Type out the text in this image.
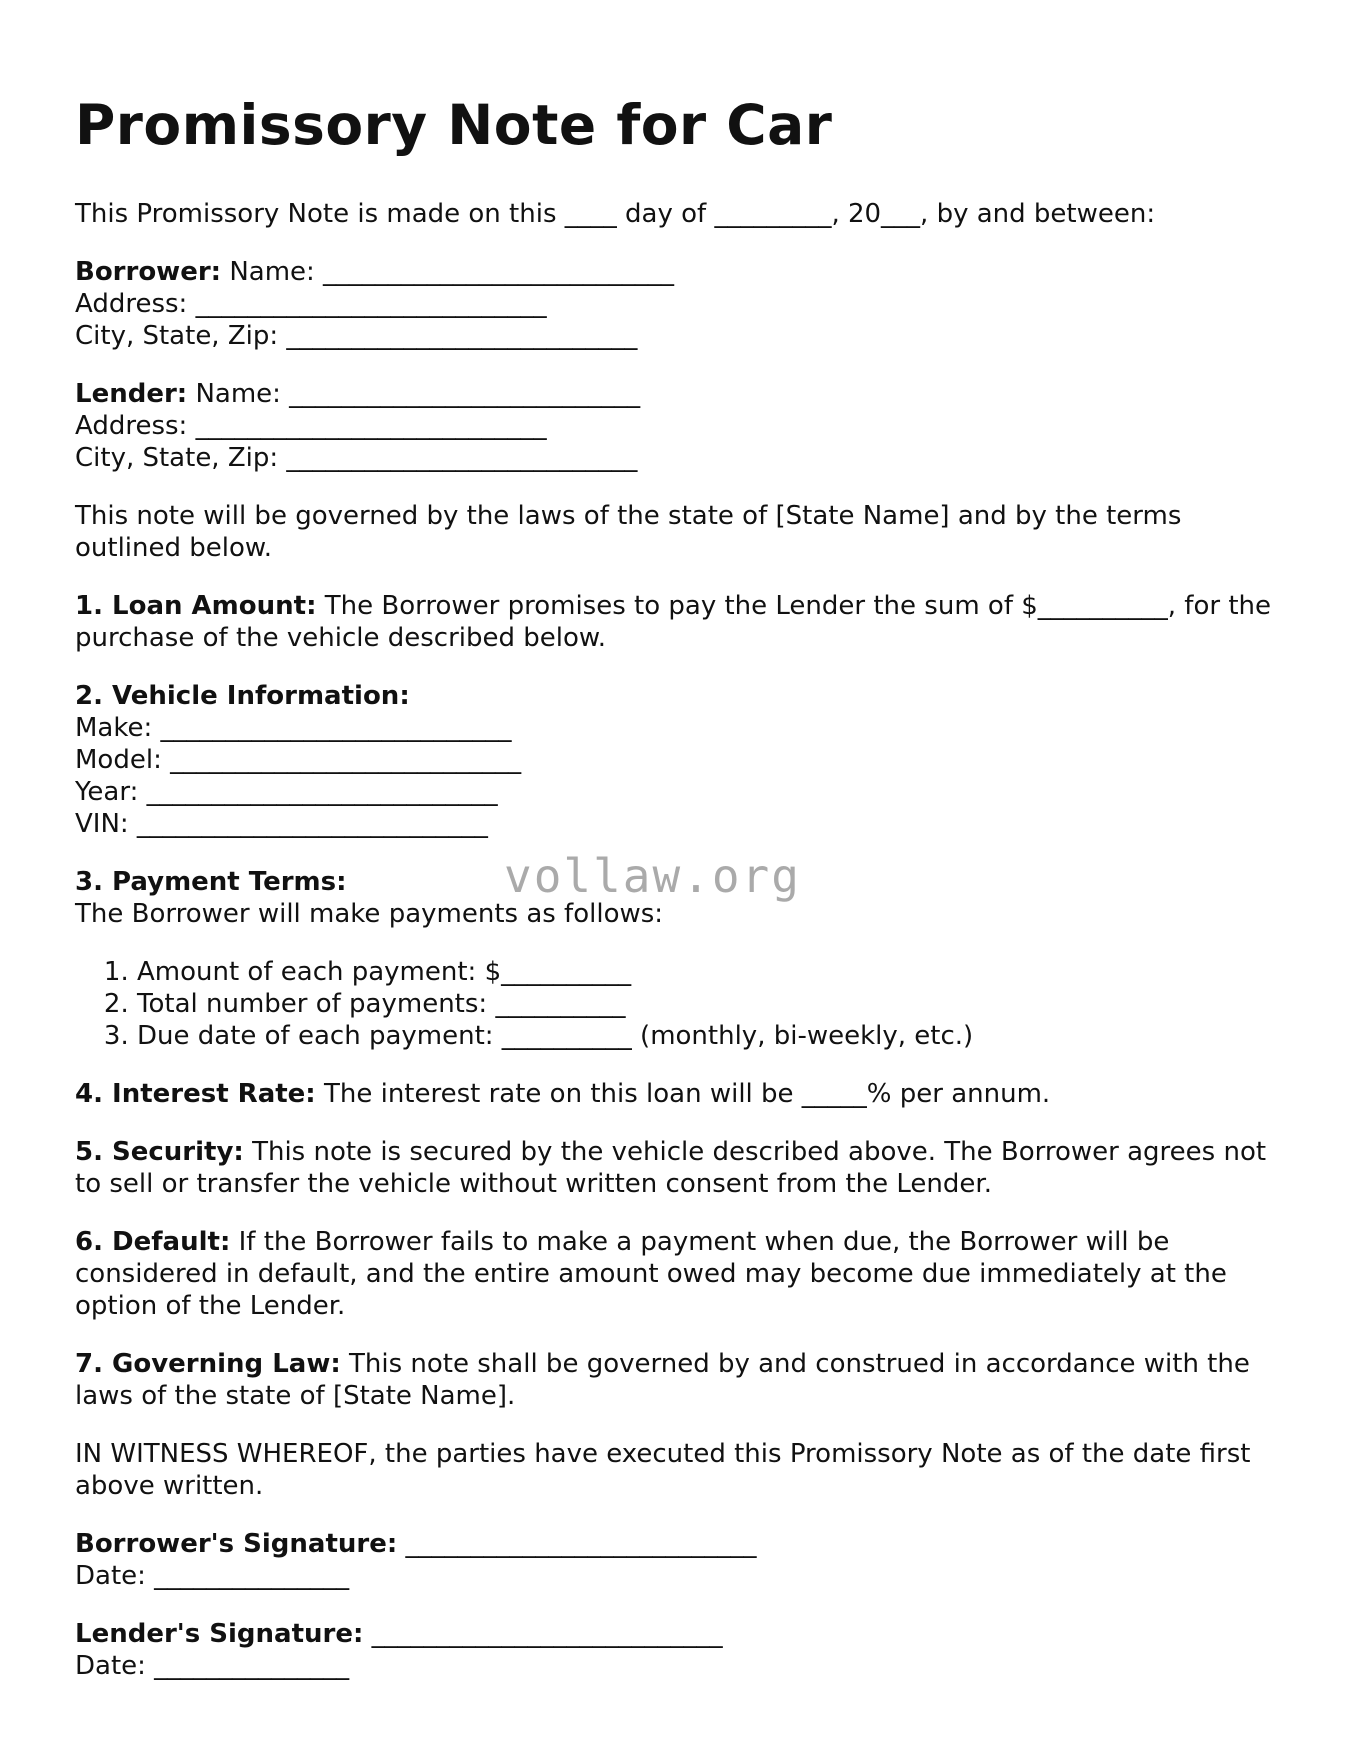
Promissory Note for Car

This Promissory Note is made on this ____ day of _________, 20___, by and between:

Borrower: Name: ___________________________
Address: ___________________________
City, State, Zip: ___________________________
Lender: Name: ___________________________
Address: ___________________________
City, State, Zip: ___________________________

This note will be governed by the laws of the state of [State Name] and by the terms outlined below.

1. Loan Amount: The Borrower promises to pay the Lender the sum of $__________, for the purchase of the vehicle described below.

2. Vehicle Information:
Make: ___________________________
Model: ___________________________
Year: ___________________________
VIN: ___________________________
3. Payment Terms:
The Borrower will make payments as follows:
1. Amount of each payment: $__________
2. Total number of payments: __________
3. Due date of each payment: __________ (monthly, bi-weekly, etc.)

4. Interest Rate: The interest rate on this loan will be _____% per annum.

5. Security: This note is secured by the vehicle described above. The Borrower agrees not to sell or transfer the vehicle without written consent from the Lender.

6. Default: If the Borrower fails to make a payment when due, the Borrower will be considered in default, and the entire amount owed may become due immediately at the option of the Lender.

7. Governing Law: This note shall be governed by and construed in accordance with the laws of the state of [State Name].

IN WITNESS WHEREOF, the parties have executed this Promissory Note as of the date first above written.

Borrower's Signature: ___________________________
Date: _______________
Lender's Signature: ___________________________
Date: _______________
vollaw.org
